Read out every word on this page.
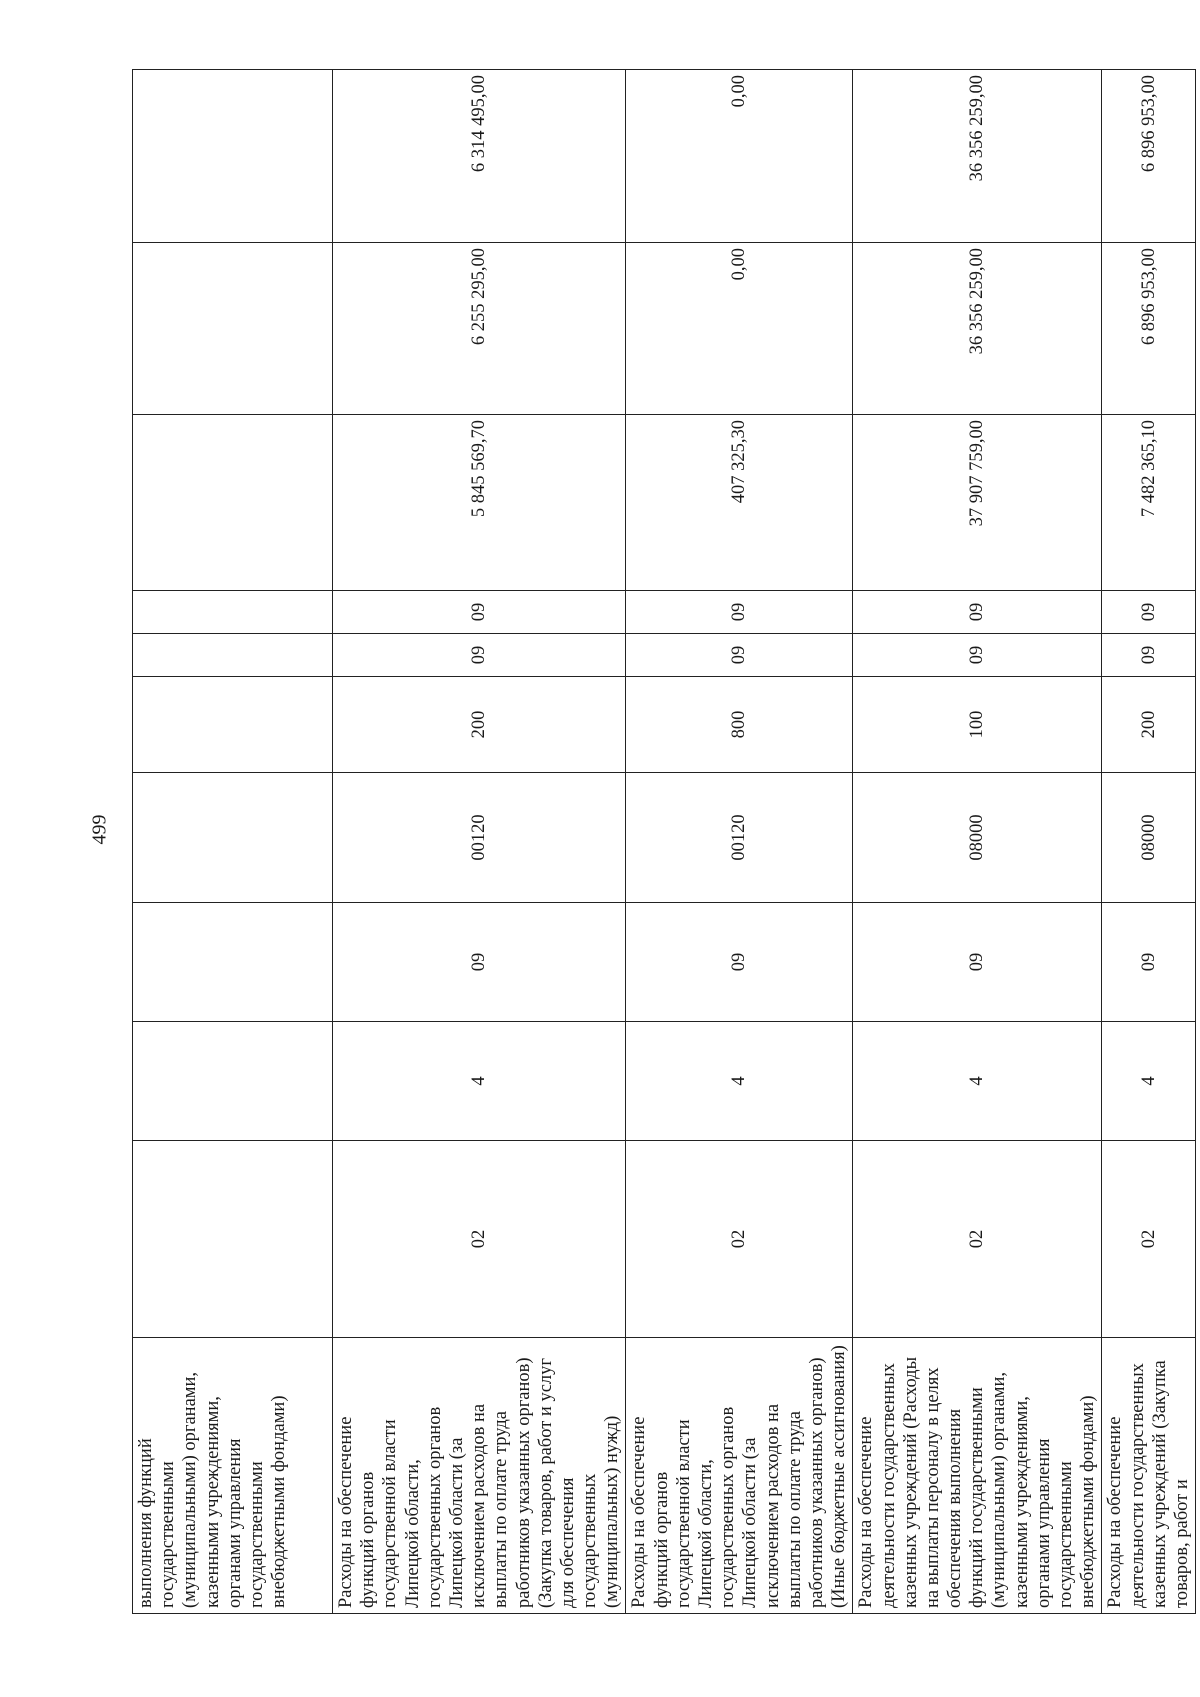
499
выполнения функций государственными (муниципальными) органами, казенными учреждениями, органами управления государственными внебюджетными фондами)										
Расходы на обеспечение функций органов государственной власти Липецкой области, государственных органов Липецкой области (за исключением расходов на выплаты по оплате труда работников указанных органов) (Закупка товаров, работ и услуг для обеспечения государственных (муниципальных) нужд)	02	4	09	00120	200	09	09	5 845 569,70	6 255 295,00	6 314 495,00
Расходы на обеспечение функций органов государственной власти Липецкой области, государственных органов Липецкой области (за исключением расходов на выплаты по оплате труда работников указанных органов) (Иные бюджетные ассигнования)	02	4	09	00120	800	09	09	407 325,30	0,00	0,00
Расходы на обеспечение деятельности государственных казенных учреждений (Расходы на выплаты персоналу в целях обеспечения выполнения функций государственными (муниципальными) органами, казенными учреждениями, органами управления государственными внебюджетными фондами)	02	4	09	08000	100	09	09	37 907 759,00	36 356 259,00	36 356 259,00
Расходы на обеспечение деятельности государственных казенных учреждений (Закупка товаров, работ и	02	4	09	08000	200	09	09	7 482 365,10	6 896 953,00	6 896 953,00
